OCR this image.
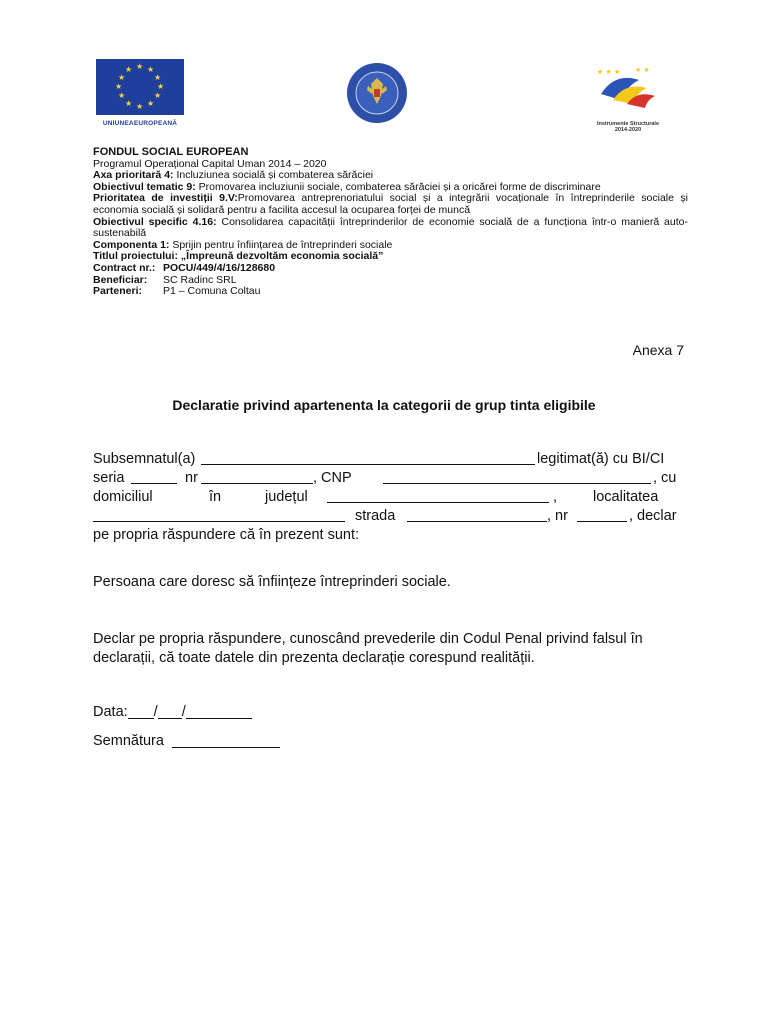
★ ★
★
★
★
★
★
★
★
★
★
★
UNIUNEAEUROPEANĂ
★ ★ ★ ★ ★
Instrumente Structurale
2014-2020
FONDUL SOCIAL EUROPEAN
Programul Operațional Capital Uman 2014 – 2020
Axa prioritară 4: Incluziunea socială și combaterea sărăciei
Obiectivul tematic 9: Promovarea incluziunii sociale, combaterea sărăciei și a oricărei forme de discriminare
Prioritatea de investiții 9.V:Promovarea antreprenoriatului social și a integrării vocaționale în întreprinderile sociale și economia socială și solidară pentru a facilita accesul la ocuparea forței de muncă
Obiectivul specific 4.16: Consolidarea capacității întreprinderilor de economie socială de a funcționa într-o manieră auto-sustenabilă
Componenta 1: Sprijin pentru înființarea de întreprinderi sociale
Titlul proiectului: „Împreună dezvoltăm economia socială”
Contract nr.: POCU/449/4/16/128680
Beneficiar: SC Radinc SRL
Parteneri: P1 – Comuna Coltau
Anexa 7
Declaratie privind apartenenta la categorii de grup tinta eligibile
Subsemnatul(a)	legitimat(ă) cu BI/CI
seria	nr	, CNP	, cu
domiciliul	în	județul	, localitatea
strada	, nr	, declar
pe propria răspundere că în prezent sunt:
Persoana care doresc să înființeze întreprinderi sociale.
Declar pe propria răspundere, cunoscând prevederile din Codul Penal privind falsul în declarații, că toate datele din prezenta declarație corespund realității.
Data: / /
Semnătura
